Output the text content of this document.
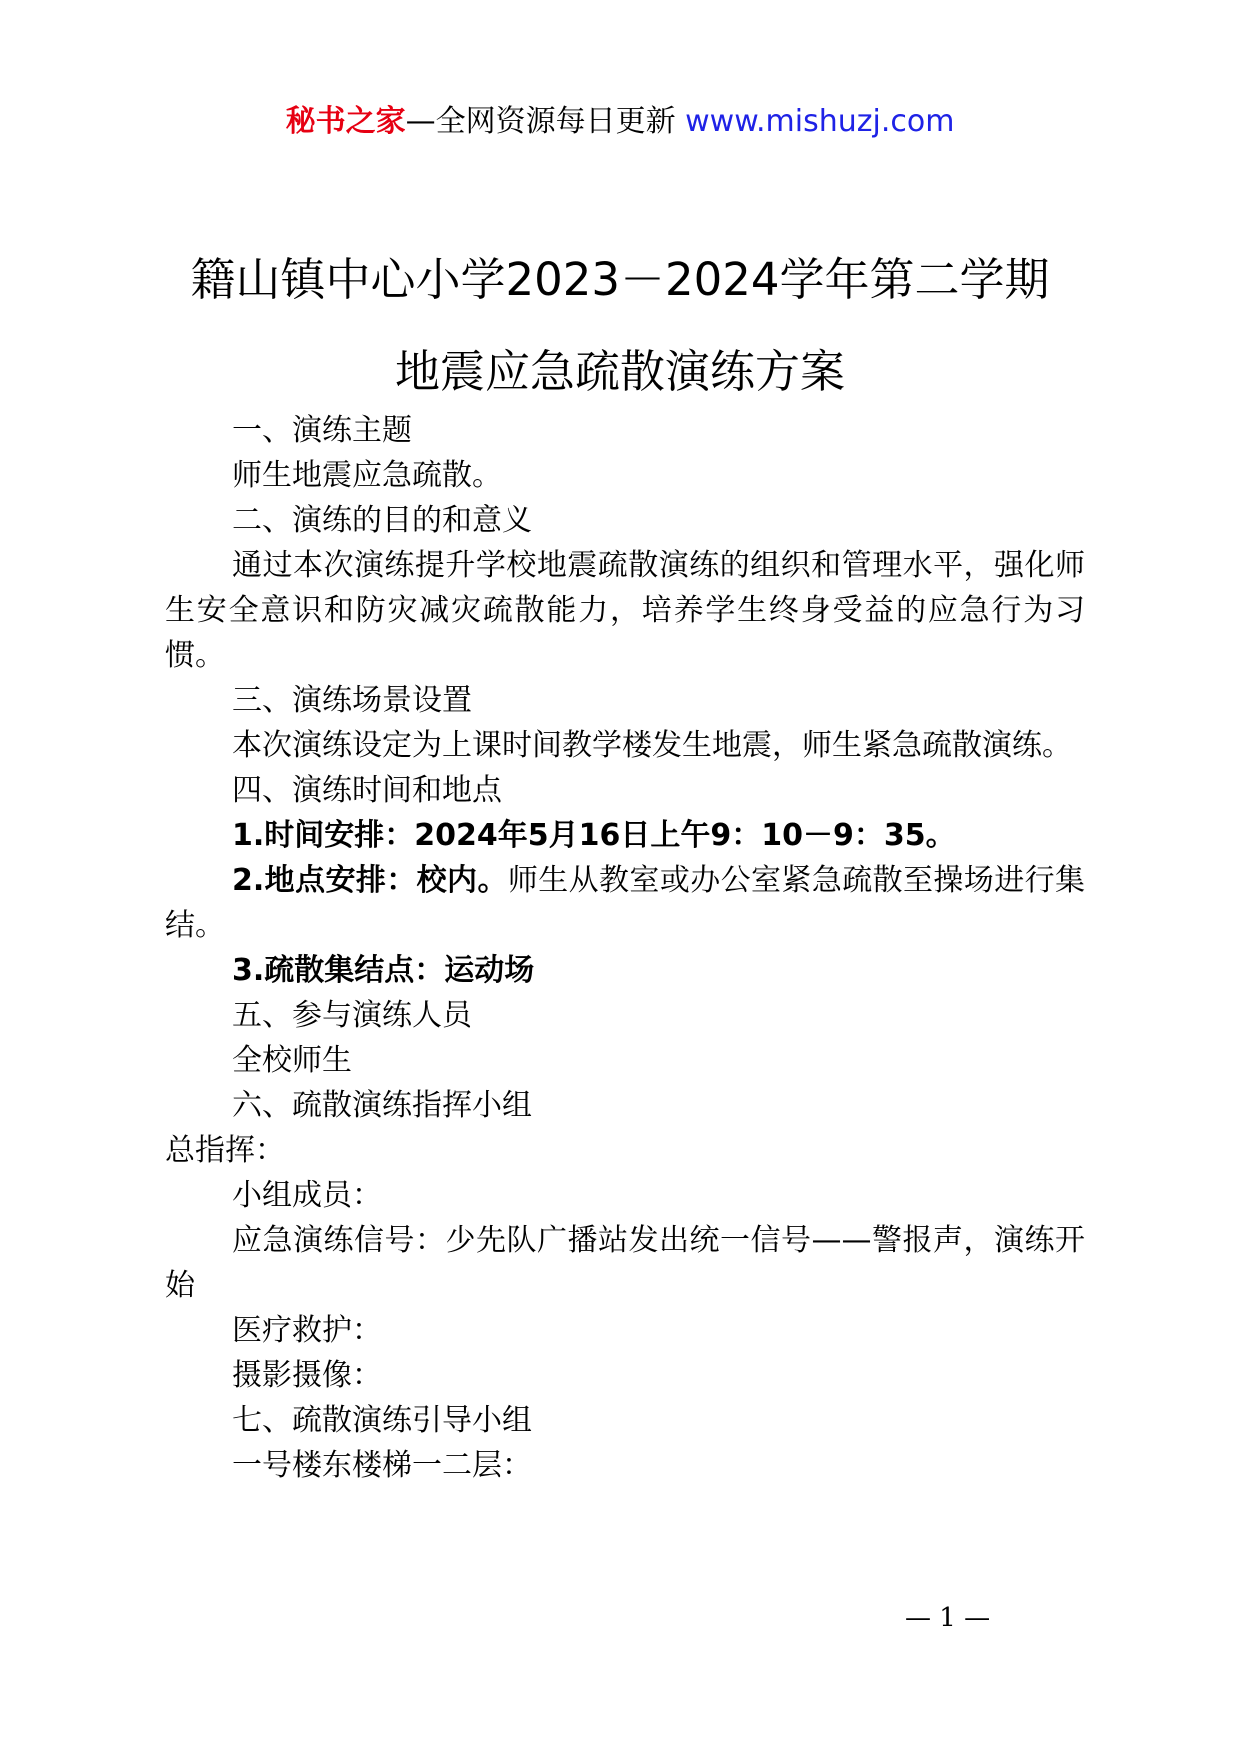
秘书之家—全网资源每日更新 www.mishuzj.com
籍山镇中心小学2023－2024学年第二学期
地震应急疏散演练方案

一、演练主题

师生地震应急疏散。

二、演练的目的和意义

通过本次演练提升学校地震疏散演练的组织和管理水平，强化师生安全意识和防灾减灾疏散能力，培养学生终身受益的应急行为习惯。

三、演练场景设置

本次演练设定为上课时间教学楼发生地震，师生紧急疏散演练。

四、演练时间和地点

1.时间安排：2024年5月16日上午9：10－9：35。

2.地点安排：校内。师生从教室或办公室紧急疏散至操场进行集结。

3.疏散集结点：运动场

五、参与演练人员

全校师生

六、疏散演练指挥小组

总指挥：

小组成员：

应急演练信号：少先队广播站发出统一信号——警报声，演练开始

医疗救护：

摄影摄像：

七、疏散演练引导小组

一号楼东楼梯一二层：

— 1 —
